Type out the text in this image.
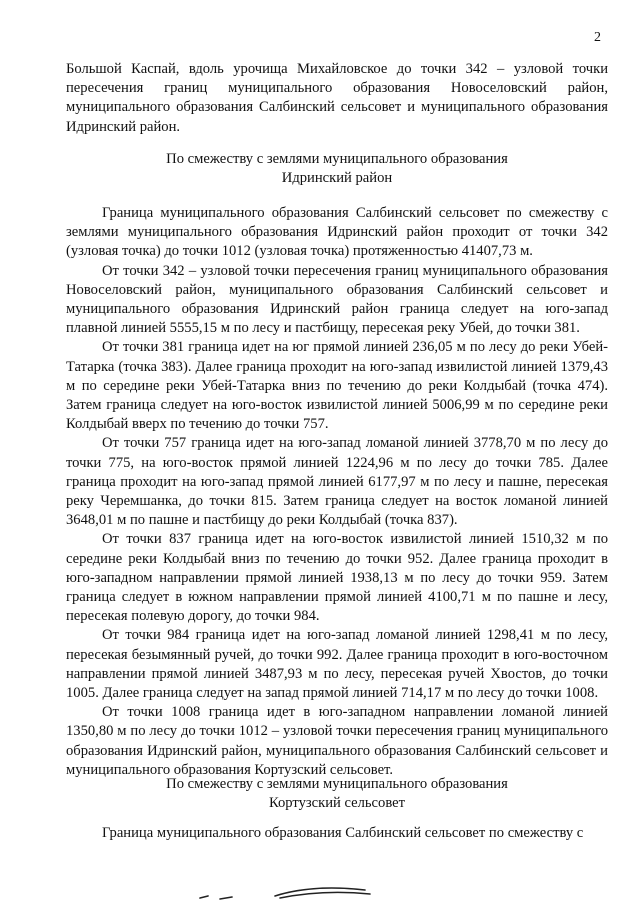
2

Большой Каспай, вдоль урочища Михайловское до точки 342 – узловой точки пересечения границ муниципального образования Новоселовский район, муниципального образования Салбинский сельсовет и муниципального образования Идринский район.

По смежеству с землями муниципального образования
Идринский район

Граница муниципального образования Салбинский сельсовет по смежеству с землями муниципального образования Идринский район проходит от точки 342 (узловая точка) до точки 1012 (узловая точка) протяженностью 41407,73 м.

От точки 342 – узловой точки пересечения границ муниципального образования Новоселовский район, муниципального образования Салбинский сельсовет и муниципального образования Идринский район граница следует на юго-запад плавной линией 5555,15 м по лесу и пастбищу, пересекая реку Убей, до точки 381.

От точки 381 граница идет на юг прямой линией 236,05 м по лесу до реки Убей-Татарка (точка 383). Далее граница проходит на юго-запад извилистой линией 1379,43 м по середине реки Убей-Татарка вниз по течению до реки Колдыбай (точка 474). Затем граница следует на юго-восток извилистой линией 5006,99 м по середине реки Колдыбай вверх по течению до точки 757.

От точки 757 граница идет на юго-запад ломаной линией 3778,70 м по лесу до точки 775, на юго-восток прямой линией 1224,96 м по лесу до точки 785. Далее граница проходит на юго-запад прямой линией 6177,97 м по лесу и пашне, пересекая реку Черемшанка, до точки 815. Затем граница следует на восток ломаной линией 3648,01 м по пашне и пастбищу до реки Колдыбай (точка 837).

От точки 837 граница идет на юго-восток извилистой линией 1510,32 м по середине реки Колдыбай вниз по течению до точки 952. Далее граница проходит в юго-западном направлении прямой линией 1938,13 м по лесу до точки 959. Затем граница следует в южном направлении прямой линией 4100,71 м по пашне и лесу, пересекая полевую дорогу, до точки 984.

От точки 984 граница идет на юго-запад ломаной линией 1298,41 м по лесу, пересекая безымянный ручей, до точки 992. Далее граница проходит в юго-восточном направлении прямой линией 3487,93 м по лесу, пересекая ручей Хвостов, до точки 1005. Далее граница следует на запад прямой линией 714,17 м по лесу до точки 1008.

От точки 1008 граница идет в юго-западном направлении ломаной линией 1350,80 м по лесу до точки 1012 – узловой точки пересечения границ муниципального образования Идринский район, муниципального образования Салбинский сельсовет и муниципального образования Кортузский сельсовет.

По смежеству с землями муниципального образования
Кортузский сельсовет

Граница муниципального образования Салбинский сельсовет по смежеству с
